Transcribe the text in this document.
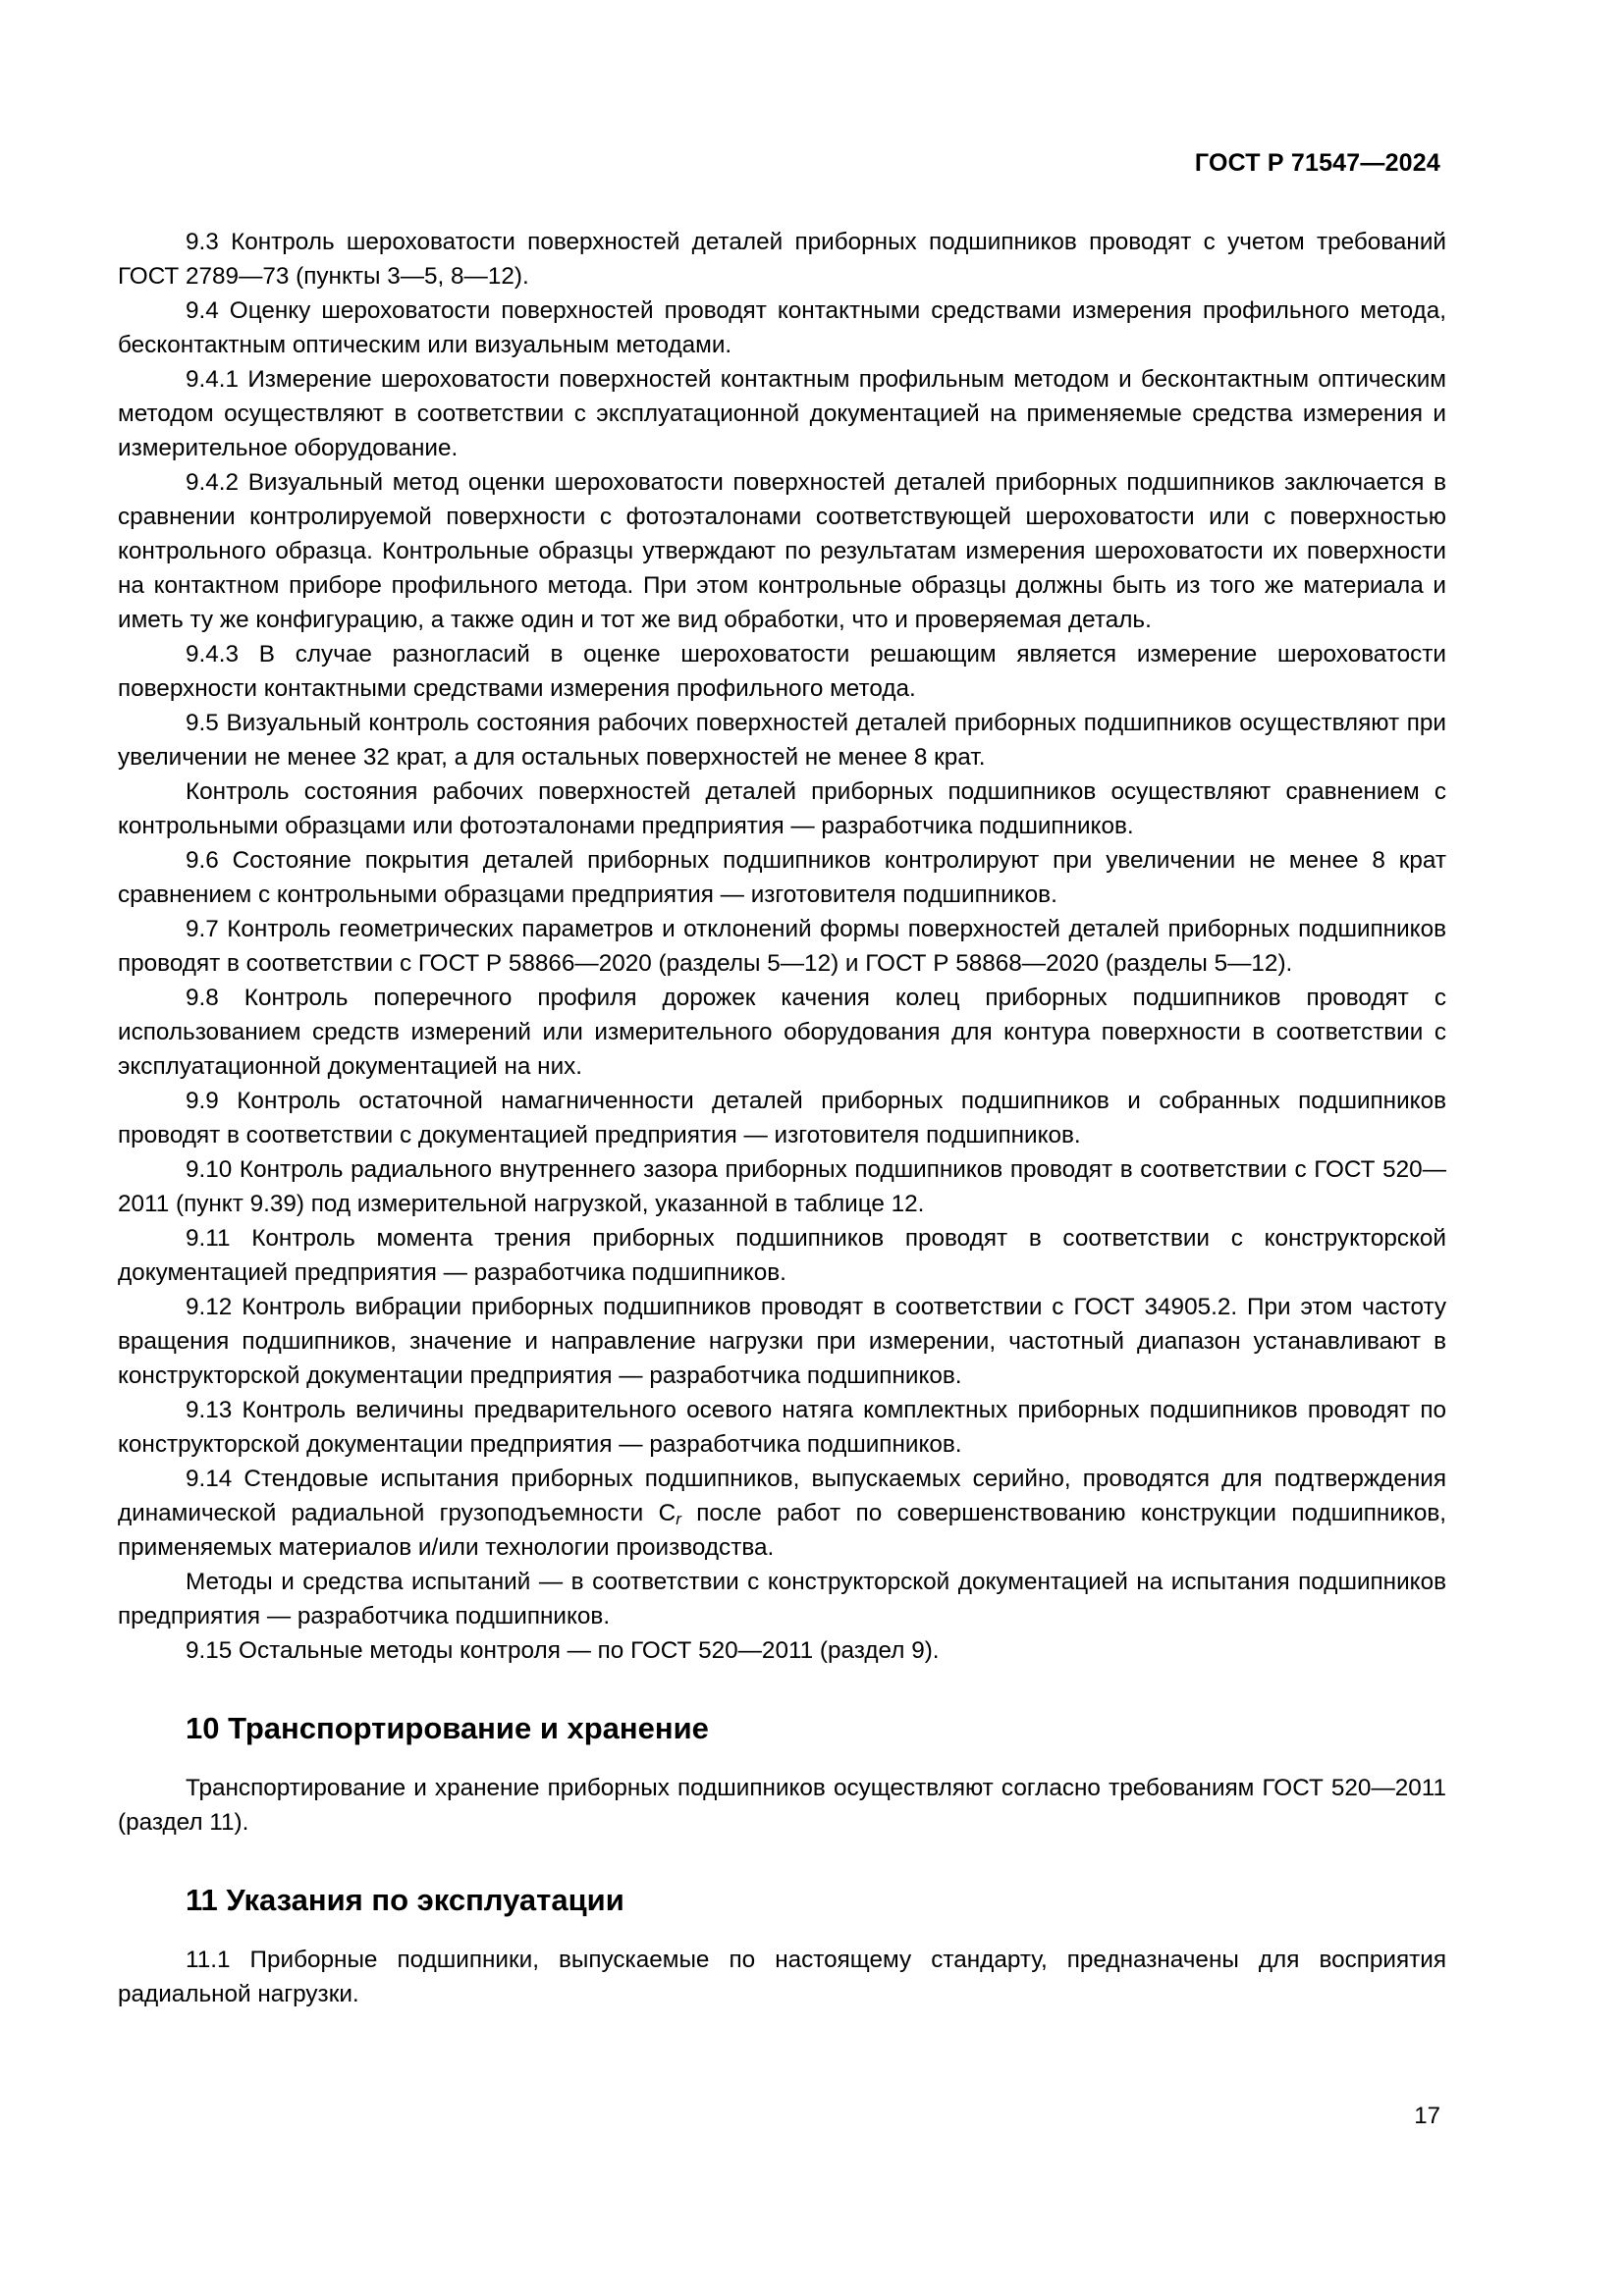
ГОСТ Р 71547—2024

9.3 Контроль шероховатости поверхностей деталей приборных подшипников проводят с учетом требований ГОСТ 2789—73 (пункты 3—5, 8—12).

9.4 Оценку шероховатости поверхностей проводят контактными средствами измерения профильного метода, бесконтактным оптическим или визуальным методами.

9.4.1 Измерение шероховатости поверхностей контактным профильным методом и бесконтактным оптическим методом осуществляют в соответствии с эксплуатационной документацией на применяемые средства измерения и измерительное оборудование.

9.4.2 Визуальный метод оценки шероховатости поверхностей деталей приборных подшипников заключается в сравнении контролируемой поверхности с фотоэталонами соответствующей шероховатости или с поверхностью контрольного образца. Контрольные образцы утверждают по результатам измерения шероховатости их поверхности на контактном приборе профильного метода. При этом контрольные образцы должны быть из того же материала и иметь ту же конфигурацию, а также один и тот же вид обработки, что и проверяемая деталь.

9.4.3 В случае разногласий в оценке шероховатости решающим является измерение шероховатости поверхности контактными средствами измерения профильного метода.

9.5 Визуальный контроль состояния рабочих поверхностей деталей приборных подшипников осуществляют при увеличении не менее 32 крат, а для остальных поверхностей не менее 8 крат.

Контроль состояния рабочих поверхностей деталей приборных подшипников осуществляют сравнением с контрольными образцами или фотоэталонами предприятия — разработчика подшипников.

9.6 Состояние покрытия деталей приборных подшипников контролируют при увеличении не менее 8 крат сравнением с контрольными образцами предприятия — изготовителя подшипников.

9.7 Контроль геометрических параметров и отклонений формы поверхностей деталей приборных подшипников проводят в соответствии с ГОСТ Р 58866—2020 (разделы 5—12) и ГОСТ Р 58868—2020 (разделы 5—12).

9.8 Контроль поперечного профиля дорожек качения колец приборных подшипников проводят с использованием средств измерений или измерительного оборудования для контура поверхности в соответствии с эксплуатационной документацией на них.

9.9 Контроль остаточной намагниченности деталей приборных подшипников и собранных подшипников проводят в соответствии с документацией предприятия — изготовителя подшипников.

9.10 Контроль радиального внутреннего зазора приборных подшипников проводят в соответствии с ГОСТ 520—2011 (пункт 9.39) под измерительной нагрузкой, указанной в таблице 12.

9.11 Контроль момента трения приборных подшипников проводят в соответствии с конструкторской документацией предприятия — разработчика подшипников.

9.12 Контроль вибрации приборных подшипников проводят в соответствии с ГОСТ 34905.2. При этом частоту вращения подшипников, значение и направление нагрузки при измерении, частотный диапазон устанавливают в конструкторской документации предприятия — разработчика подшипников.

9.13 Контроль величины предварительного осевого натяга комплектных приборных подшипников проводят по конструкторской документации предприятия — разработчика подшипников.

9.14 Стендовые испытания приборных подшипников, выпускаемых серийно, проводятся для подтверждения динамической радиальной грузоподъемности $C_r$ после работ по совершенствованию конструкции подшипников, применяемых материалов и/или технологии производства.

Методы и средства испытаний — в соответствии с конструкторской документацией на испытания подшипников предприятия — разработчика подшипников.

9.15 Остальные методы контроля — по ГОСТ 520—2011 (раздел 9).

10 Транспортирование и хранение

Транспортирование и хранение приборных подшипников осуществляют согласно требованиям ГОСТ 520—2011 (раздел 11).

11 Указания по эксплуатации

11.1 Приборные подшипники, выпускаемые по настоящему стандарту, предназначены для восприятия радиальной нагрузки.

17
